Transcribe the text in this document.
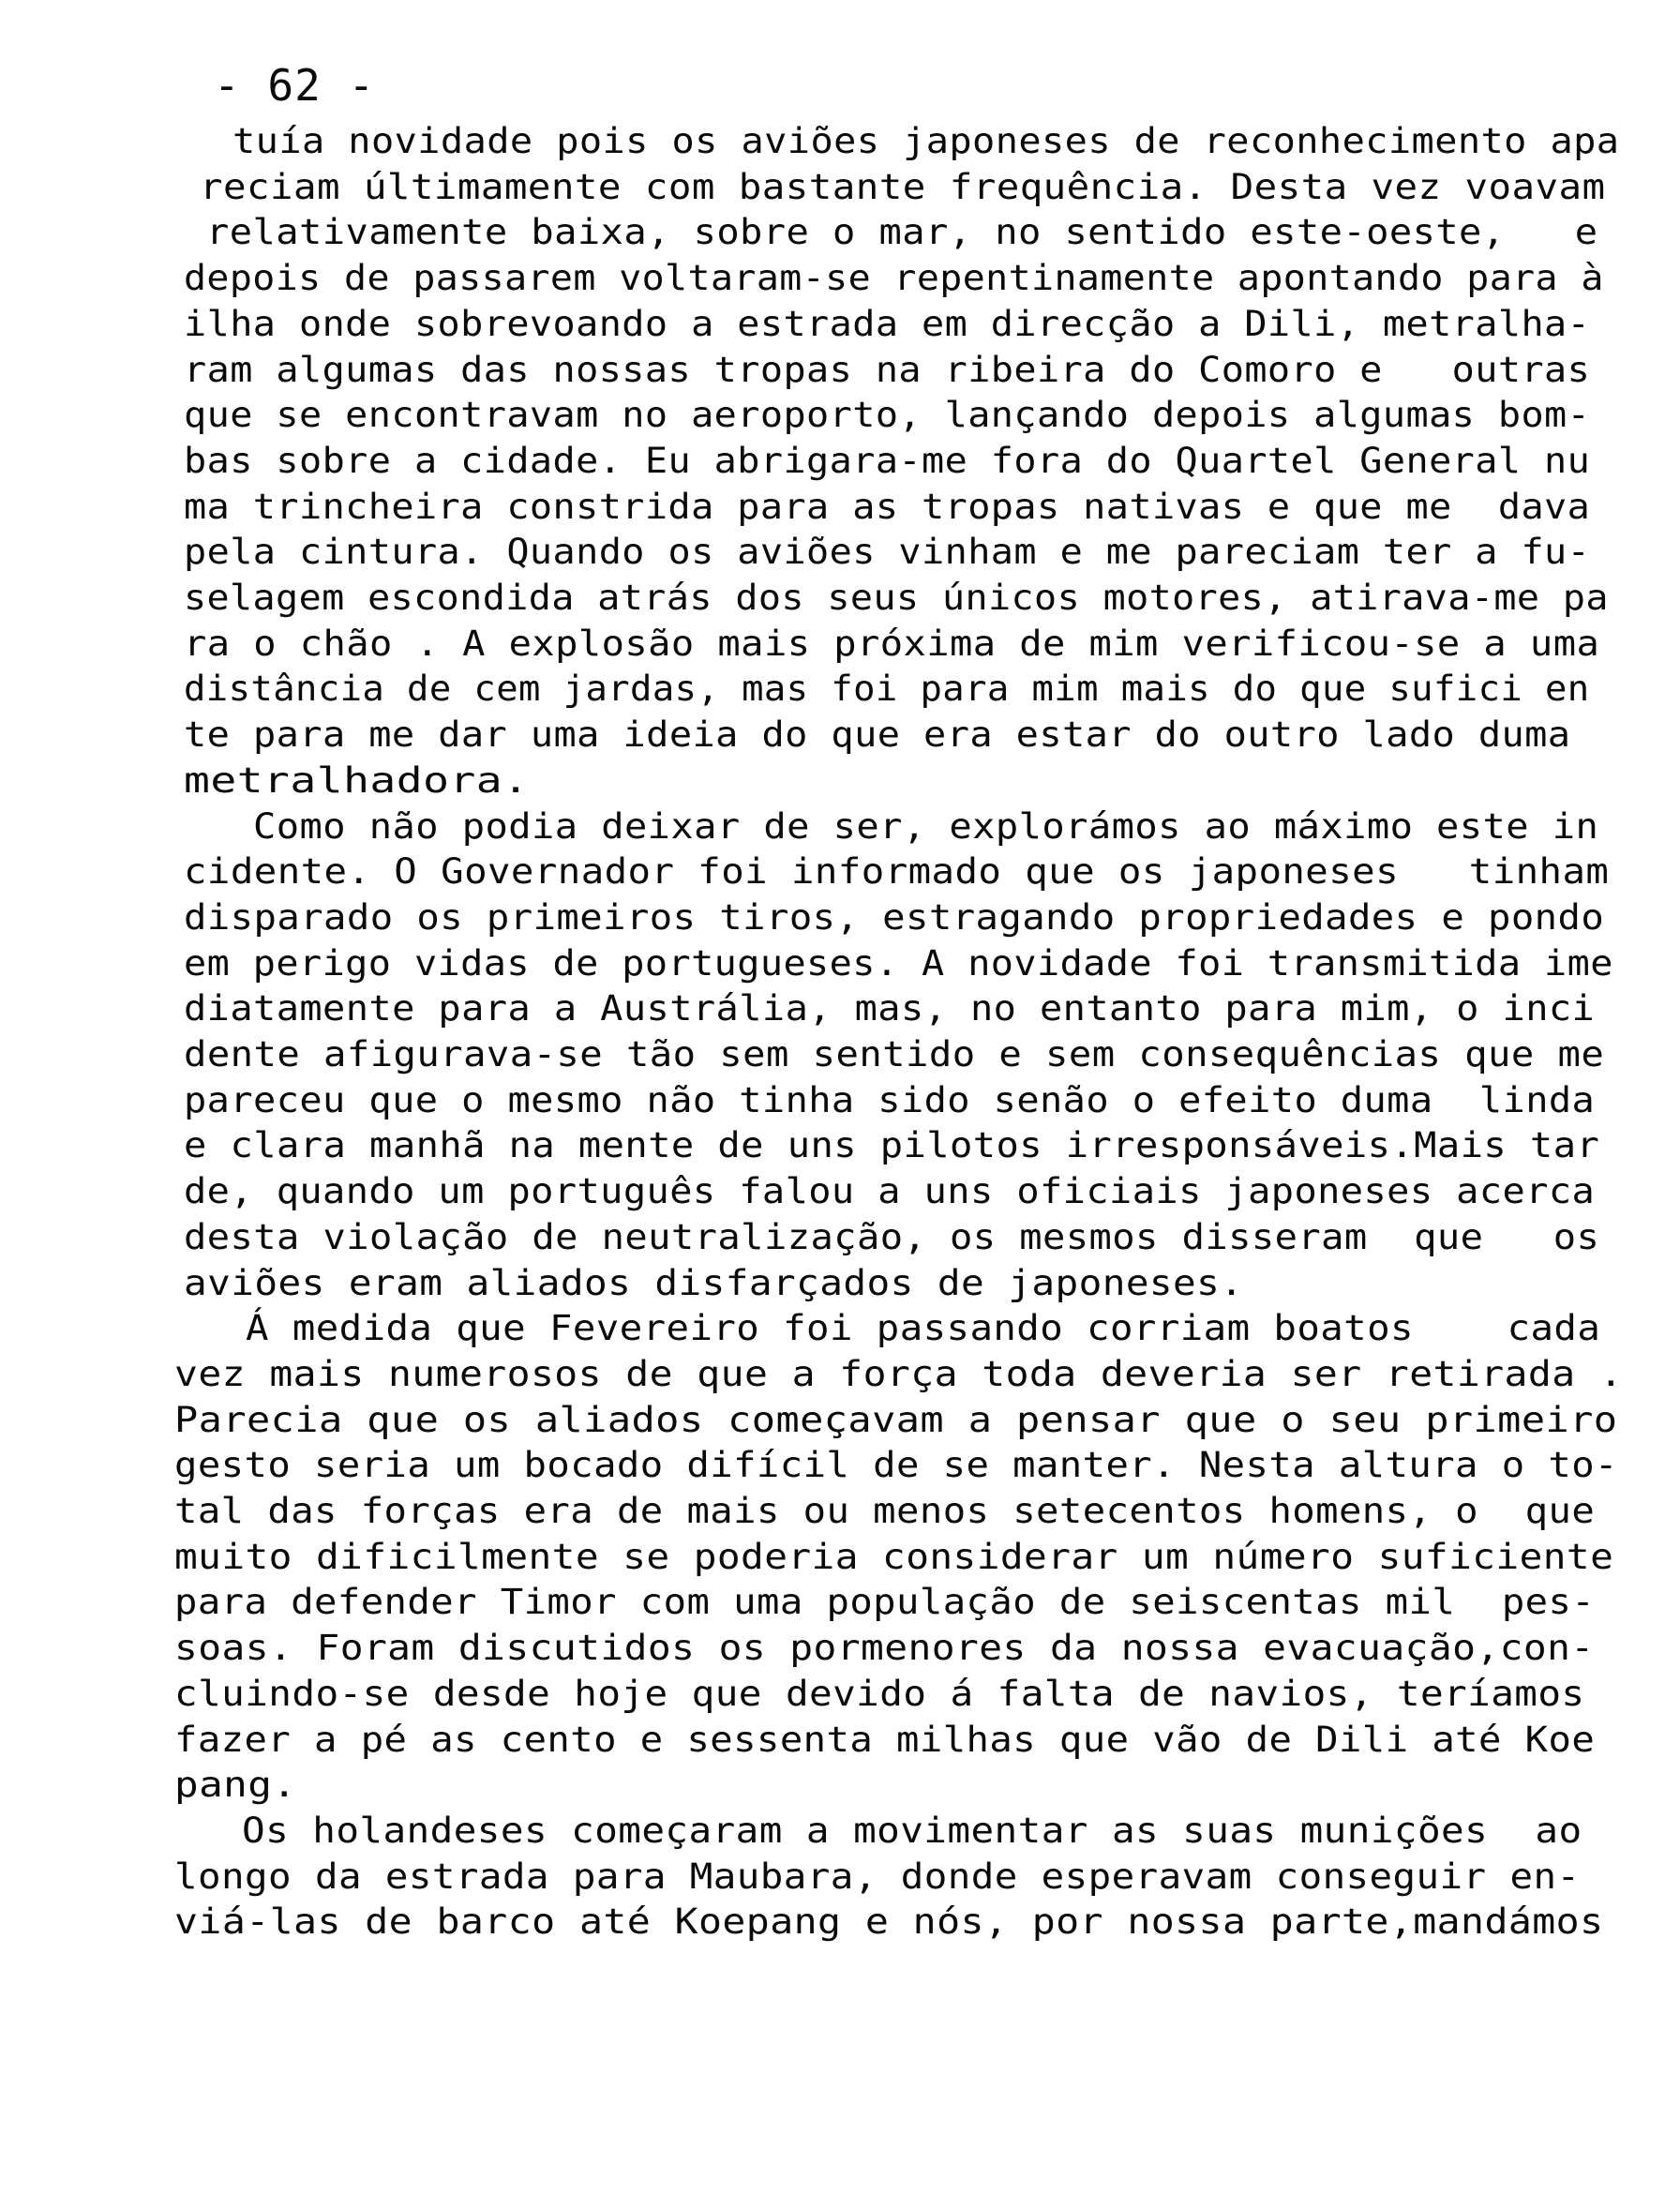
- 62 -
tuía novidade pois os aviões japoneses de reconhecimento apa
reciam últimamente com bastante frequência. Desta vez voavam
relativamente baixa, sobre o mar, no sentido este-oeste,   e
depois de passarem voltaram-se repentinamente apontando para à
ilha onde sobrevoando a estrada em direcção a Dili, metralha-
ram algumas das nossas tropas na ribeira do Comoro e   outras
que se encontravam no aeroporto, lançando depois algumas bom-
bas sobre a cidade. Eu abrigara-me fora do Quartel General nu
ma trincheira constrida para as tropas nativas e que me  dava
pela cintura. Quando os aviões vinham e me pareciam ter a fu-
selagem escondida atrás dos seus únicos motores, atirava-me pa
ra o chão . A explosão mais próxima de mim verificou-se a uma
distância de cem jardas, mas foi para mim mais do que sufici en
te para me dar uma ideia do que era estar do outro lado duma
metralhadora.
Como não podia deixar de ser, explorámos ao máximo este in
cidente. O Governador foi informado que os japoneses   tinham
disparado os primeiros tiros, estragando propriedades e pondo
em perigo vidas de portugueses. A novidade foi transmitida ime
diatamente para a Austrália, mas, no entanto para mim, o inci
dente afigurava-se tão sem sentido e sem consequências que me
pareceu que o mesmo não tinha sido senão o efeito duma  linda
e clara manhã na mente de uns pilotos irresponsáveis.Mais tar
de, quando um português falou a uns oficiais japoneses acerca
desta violação de neutralização, os mesmos disseram  que   os
aviões eram aliados disfarçados de japoneses.
Á medida que Fevereiro foi passando corriam boatos    cada
vez mais numerosos de que a força toda deveria ser retirada .
Parecia que os aliados começavam a pensar que o seu primeiro
gesto seria um bocado difícil de se manter. Nesta altura o to-
tal das forças era de mais ou menos setecentos homens, o  que
muito dificilmente se poderia considerar um número suficiente
para defender Timor com uma população de seiscentas mil  pes-
soas. Foram discutidos os pormenores da nossa evacuação,con-
cluindo-se desde hoje que devido á falta de navios, teríamos
fazer a pé as cento e sessenta milhas que vão de Dili até Koe
pang.
Os holandeses começaram a movimentar as suas munições  ao
longo da estrada para Maubara, donde esperavam conseguir en-
viá-las de barco até Koepang e nós, por nossa parte,mandámos
